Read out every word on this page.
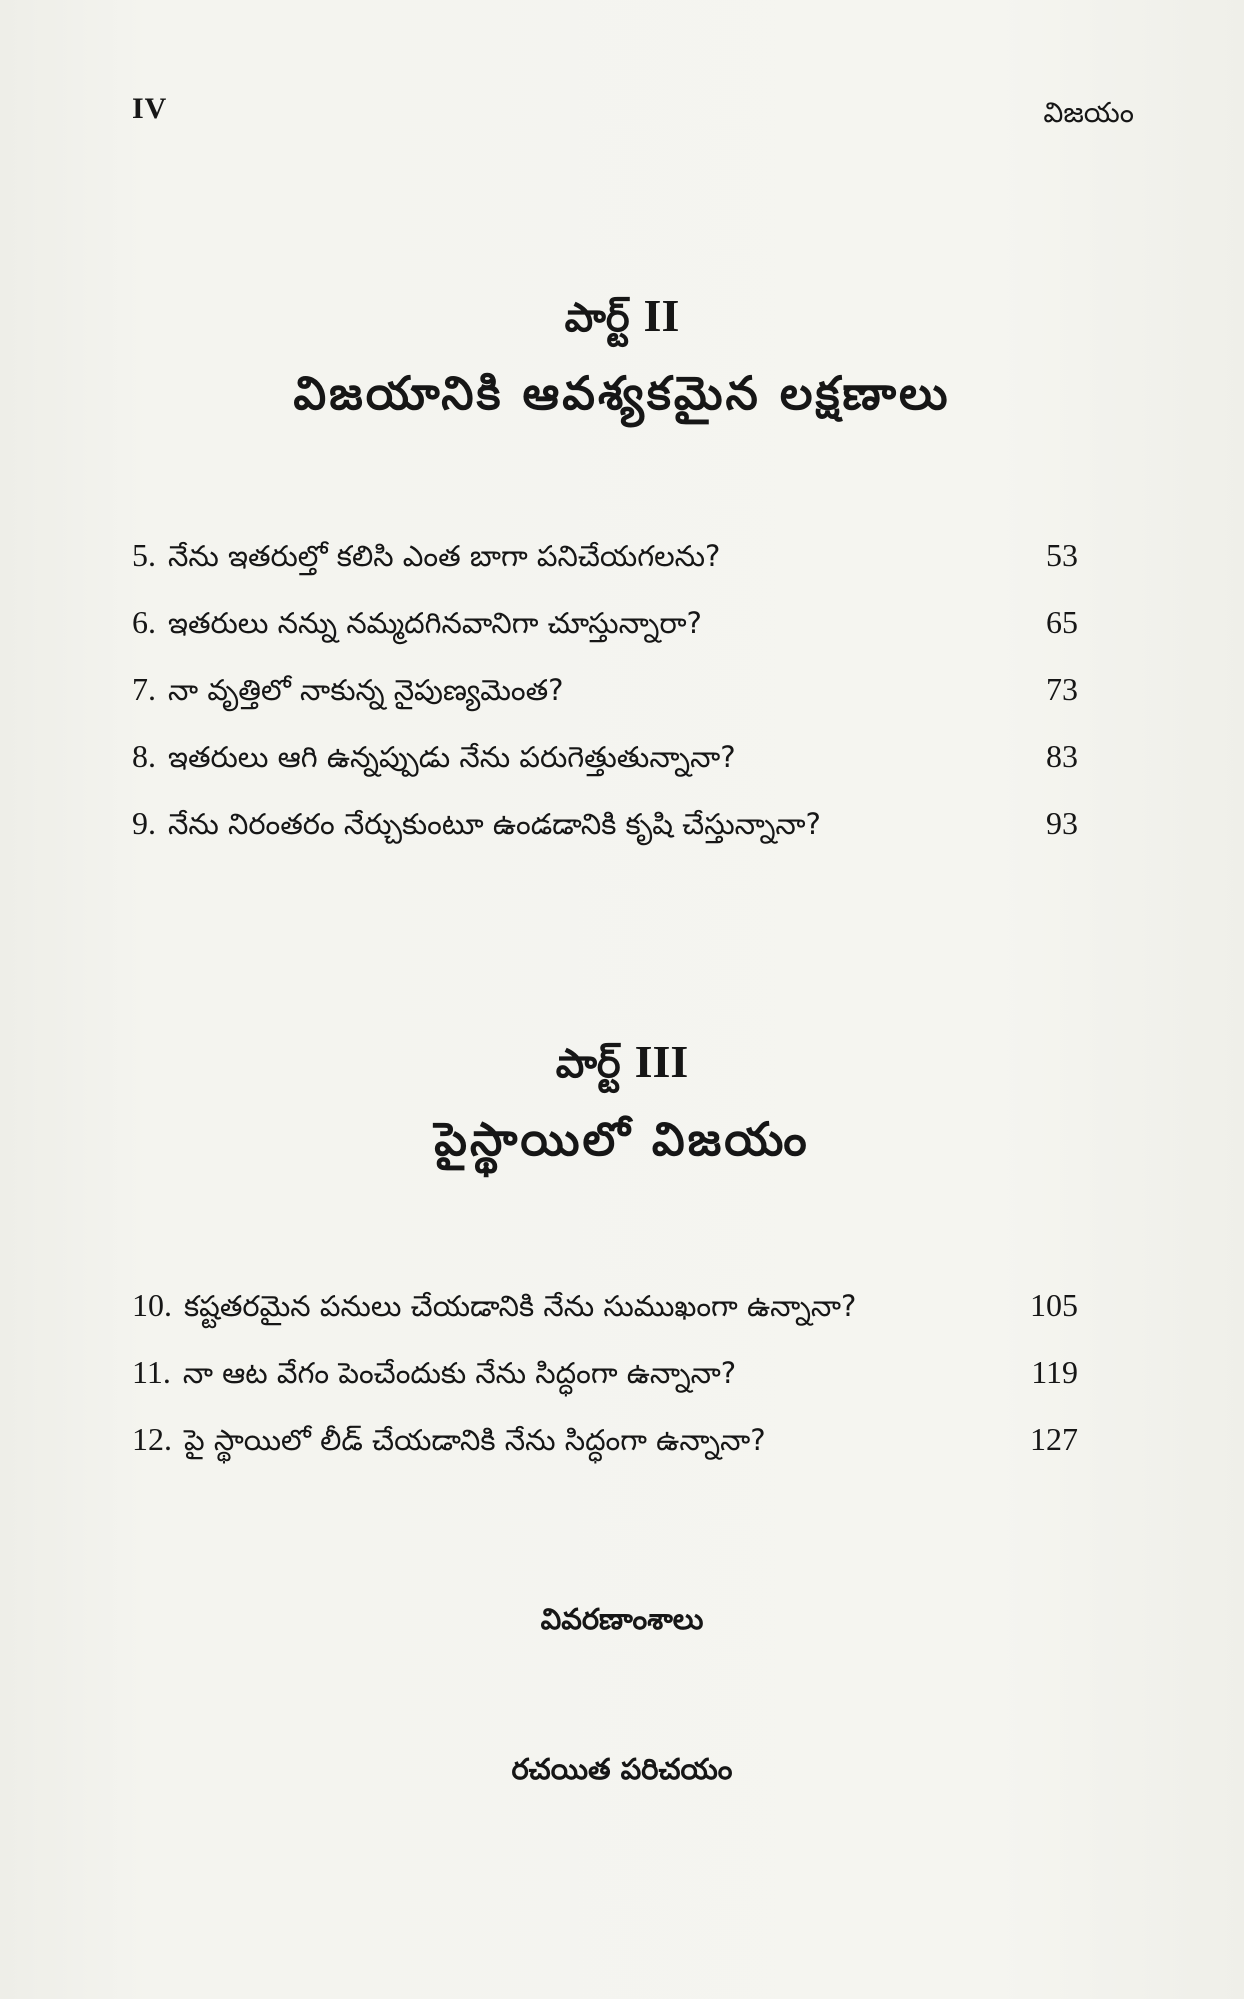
IV	విజయం
పార్ట్ II
విజయానికి ఆవశ్యకమైన లక్షణాలు
5. నేను ఇతరుల్తో కలిసి ఎంత బాగా పనిచేయగలను?	53
6. ఇతరులు నన్ను నమ్మదగినవానిగా చూస్తున్నారా?	65
7. నా వృత్తిలో నాకున్న నైపుణ్యమెంత?	73
8. ఇతరులు ఆగి ఉన్నప్పుడు నేను పరుగెత్తుతున్నానా?	83
9. నేను నిరంతరం నేర్చుకుంటూ ఉండడానికి కృషి చేస్తున్నానా?	93
పార్ట్ III
పైస్థాయిలో విజయం
10. కష్టతరమైన పనులు చేయడానికి నేను సుముఖంగా ఉన్నానా?	105
11. నా ఆట వేగం పెంచేందుకు నేను సిద్ధంగా ఉన్నానా?	119
12. పై స్థాయిలో లీడ్ చేయడానికి నేను సిద్ధంగా ఉన్నానా?	127
వివరణాంశాలు
రచయిత పరిచయం
